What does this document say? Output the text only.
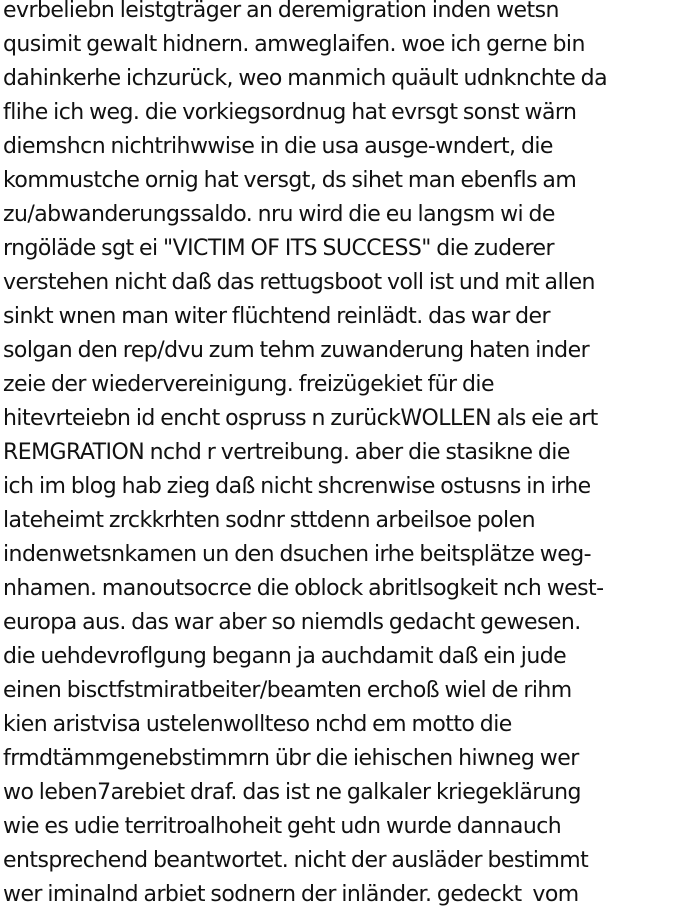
evrbeliebn leistgträger an deremigration inden wetsn
qusimit gewalt hidnern. amweglaifen. woe ich gerne bin
dahinkerhe ichzurück, weo manmich quäult udnknchte da
flihe ich weg. die vorkiegsordnug hat evrsgt sonst wärn
diemshcn nichtrihwwise in die usa ausge-wndert, die
kommustche ornig hat versgt, ds sihet man ebenfls am
zu/abwanderungssaldo. nru wird die eu langsm wi de
rngöläde sgt ei "VICTIM OF ITS SUCCESS" die zuderer
verstehen nicht daß das rettugsboot voll ist und mit allen
sinkt wnen man witer flüchtend reinlädt. das war der
solgan den rep/dvu zum tehm zuwanderung haten inder
zeie der wiedervereinigung. freizügekiet für die
hitevrteiebn id encht ospruss n zurückWOLLEN als eie art
REMGRATION nchd r vertreibung. aber die stasikne die
ich im blog hab zieg daß nicht shcrenwise ostusns in irhe
lateheimt zrckkrhten sodnr sttdenn arbeilsoe polen
indenwetsnkamen un den dsuchen irhe beitsplätze weg-
nhamen. manoutsocrce die oblock abritlsogkeit nch west-
europa aus. das war aber so niemdls gedacht gewesen.
die uehdevroflgung begann ja auchdamit daß ein jude
einen bisctfstmiratbeiter/beamten erchoß wiel de rihm
kien aristvisa ustelenwollteso nchd em motto die
frmdtämmgenebstimmrn übr die iehischen hiwneg wer
wo leben7arebiet draf. das ist ne galkaler kriegeklärung
wie es udie territroalhoheit geht udn wurde dannauch
entsprechend beantwortet. nicht der ausläder bestimmt
wer iminalnd arbiet sodnern der inländer. gedeckt  vom
